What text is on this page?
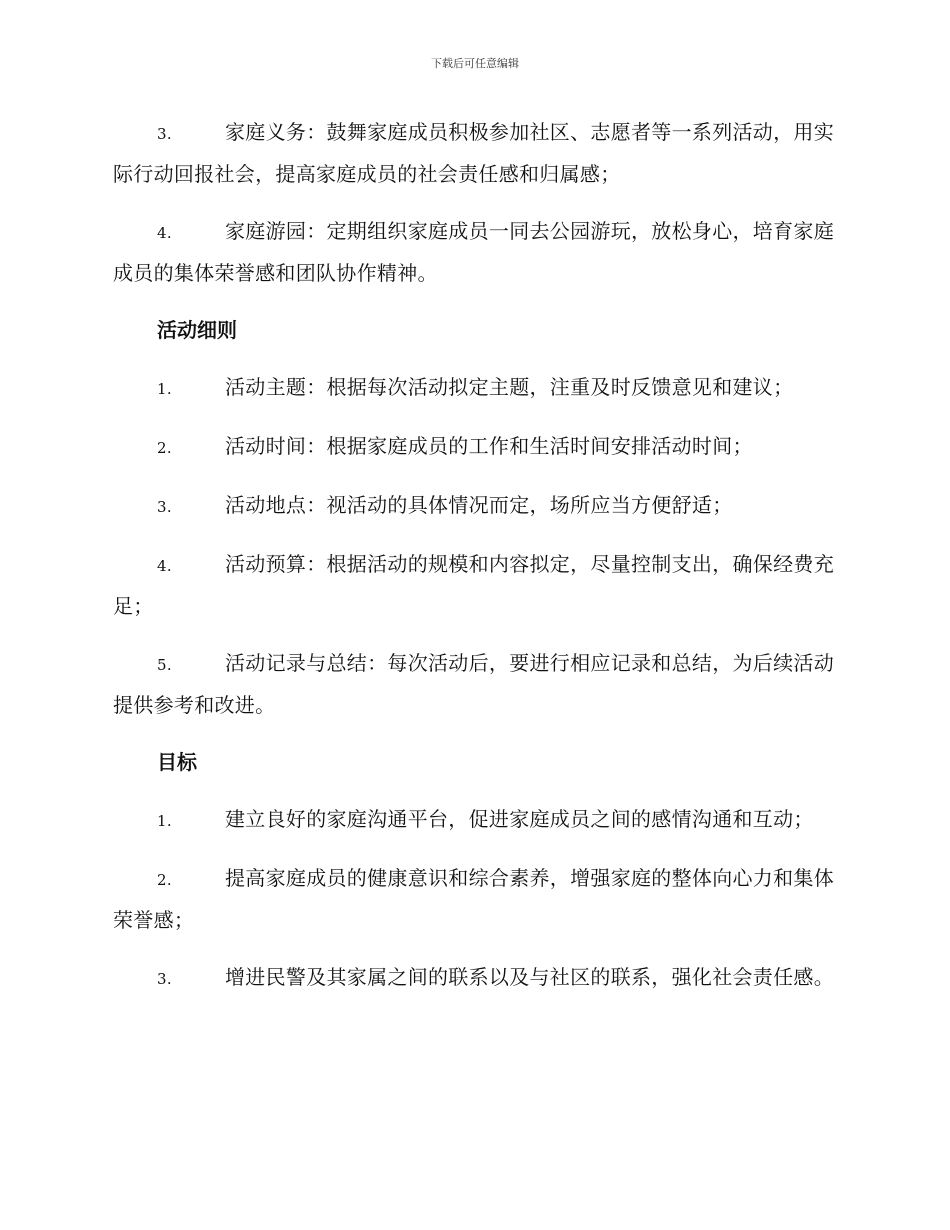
下载后可任意编辑

3.	家庭义务：鼓舞家庭成员积极参加社区、志愿者等一系列活动，用实际行动回报社会，提高家庭成员的社会责任感和归属感；

4.	家庭游园：定期组织家庭成员一同去公园游玩，放松身心，培育家庭成员的集体荣誉感和团队协作精神。

活动细则

1.	活动主题：根据每次活动拟定主题，注重及时反馈意见和建议；

2.	活动时间：根据家庭成员的工作和生活时间安排活动时间；

3.	活动地点：视活动的具体情况而定，场所应当方便舒适；

4.	活动预算：根据活动的规模和内容拟定，尽量控制支出，确保经费充足；

5.	活动记录与总结：每次活动后，要进行相应记录和总结，为后续活动提供参考和改进。

目标

1.	建立良好的家庭沟通平台，促进家庭成员之间的感情沟通和互动；

2.	提高家庭成员的健康意识和综合素养，增强家庭的整体向心力和集体荣誉感；

3.	增进民警及其家属之间的联系以及与社区的联系，强化社会责任感。
